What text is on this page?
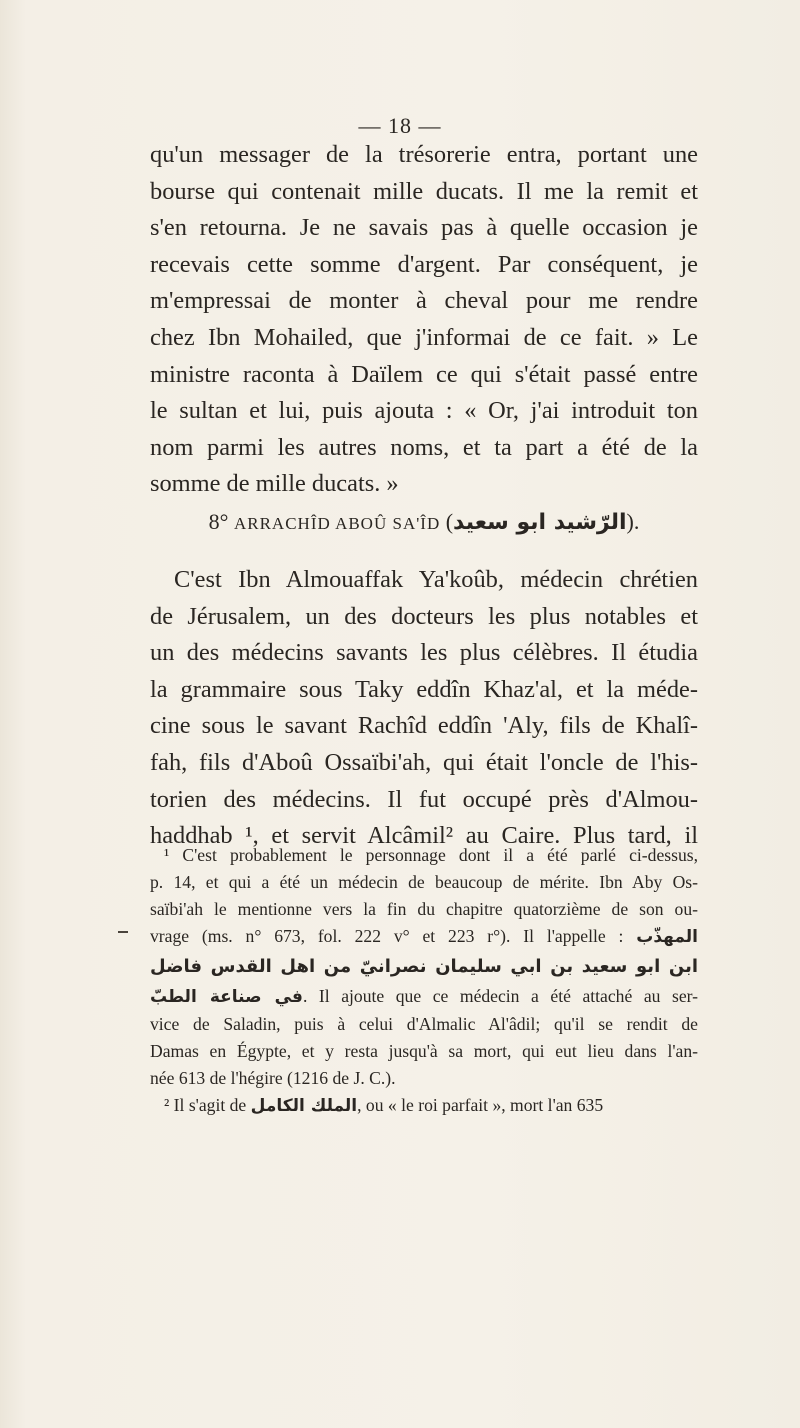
— 18 —
qu'un messager de la trésorerie entra, portant une
bourse qui contenait mille ducats. Il me la remit et
s'en retourna. Je ne savais pas à quelle occasion je
recevais cette somme d'argent. Par conséquent, je
m'empressai de monter à cheval pour me rendre
chez Ibn Mohailed, que j'informai de ce fait. » Le
ministre raconta à Daïlem ce qui s'était passé entre
le sultan et lui, puis ajouta : « Or, j'ai introduit ton
nom parmi les autres noms, et ta part a été de la
somme de mille ducats. »
8° ARRACHÎD ABOÛ SA'ÎD (الرّشيد ابو سعيد).
C'est Ibn Almouaffak Ya'koûb, médecin chrétien
de Jérusalem, un des docteurs les plus notables et
un des médecins savants les plus célèbres. Il étudia
la grammaire sous Taky eddîn Khaz'al, et la méde-
cine sous le savant Rachîd eddîn 'Aly, fils de Khalî-
fah, fils d'Aboû Ossaïbi'ah, qui était l'oncle de l'his-
torien des médecins. Il fut occupé près d'Almou-
haddhab ¹, et servit Alcâmil² au Caire. Plus tard, il
¹ C'est probablement le personnage dont il a été parlé ci-dessus,
p. 14, et qui a été un médecin de beaucoup de mérite. Ibn Aby Os-
saïbi'ah le mentionne vers la fin du chapitre quatorzième de son ou-
vrage (ms. n° 673, fol. 222 v° et 223 r°). Il l'appelle : المهذّب
ابن ابو سعيد بن ابي سليمان نصرانيّ من اهل القدس فاضل
في صناعة الطبّ. Il ajoute que ce médecin a été attaché au ser-
vice de Saladin, puis à celui d'Almalic Al'âdil; qu'il se rendit de
Damas en Égypte, et y resta jusqu'à sa mort, qui eut lieu dans l'an-
née 613 de l'hégire (1216 de J. C.).
² Il s'agit de الملك الكامل, ou « le roi parfait », mort l'an 635
